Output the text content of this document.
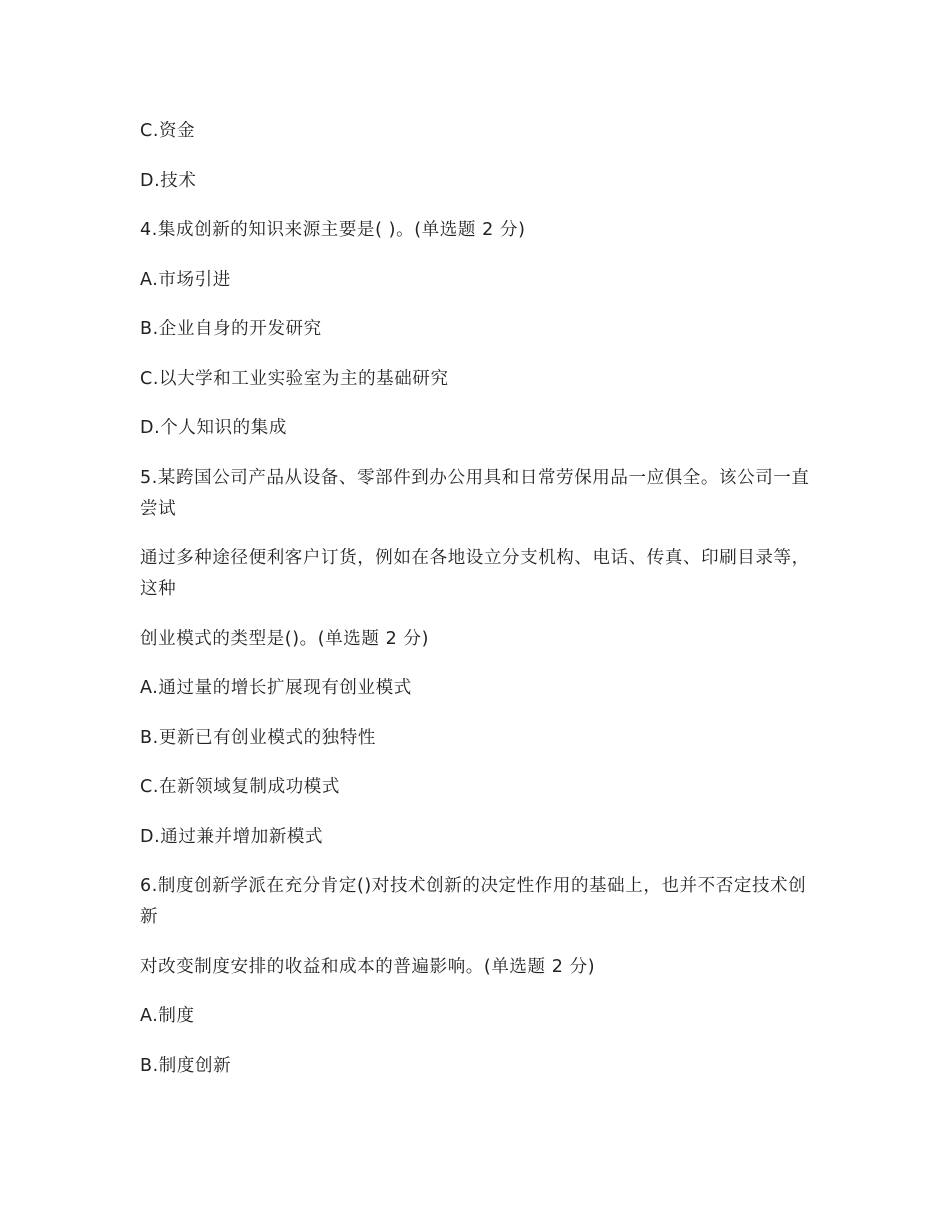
C.资金

D.技术

4.集成创新的知识来源主要是( )。(单选题 2 分)

A.市场引进

B.企业自身的开发研究

C.以大学和工业实验室为主的基础研究

D.个人知识的集成

5.某跨国公司产品从设备、零部件到办公用具和日常劳保用品一应俱全。该公司一直尝试

通过多种途径便利客户订货，例如在各地设立分支机构、电话、传真、印刷目录等，这种

创业模式的类型是()。(单选题 2 分)

A.通过量的增长扩展现有创业模式

B.更新已有创业模式的独特性

C.在新领域复制成功模式

D.通过兼并增加新模式

6.制度创新学派在充分肯定()对技术创新的决定性作用的基础上，也并不否定技术创新

对改变制度安排的收益和成本的普遍影响。(单选题 2 分)

A.制度

B.制度创新
